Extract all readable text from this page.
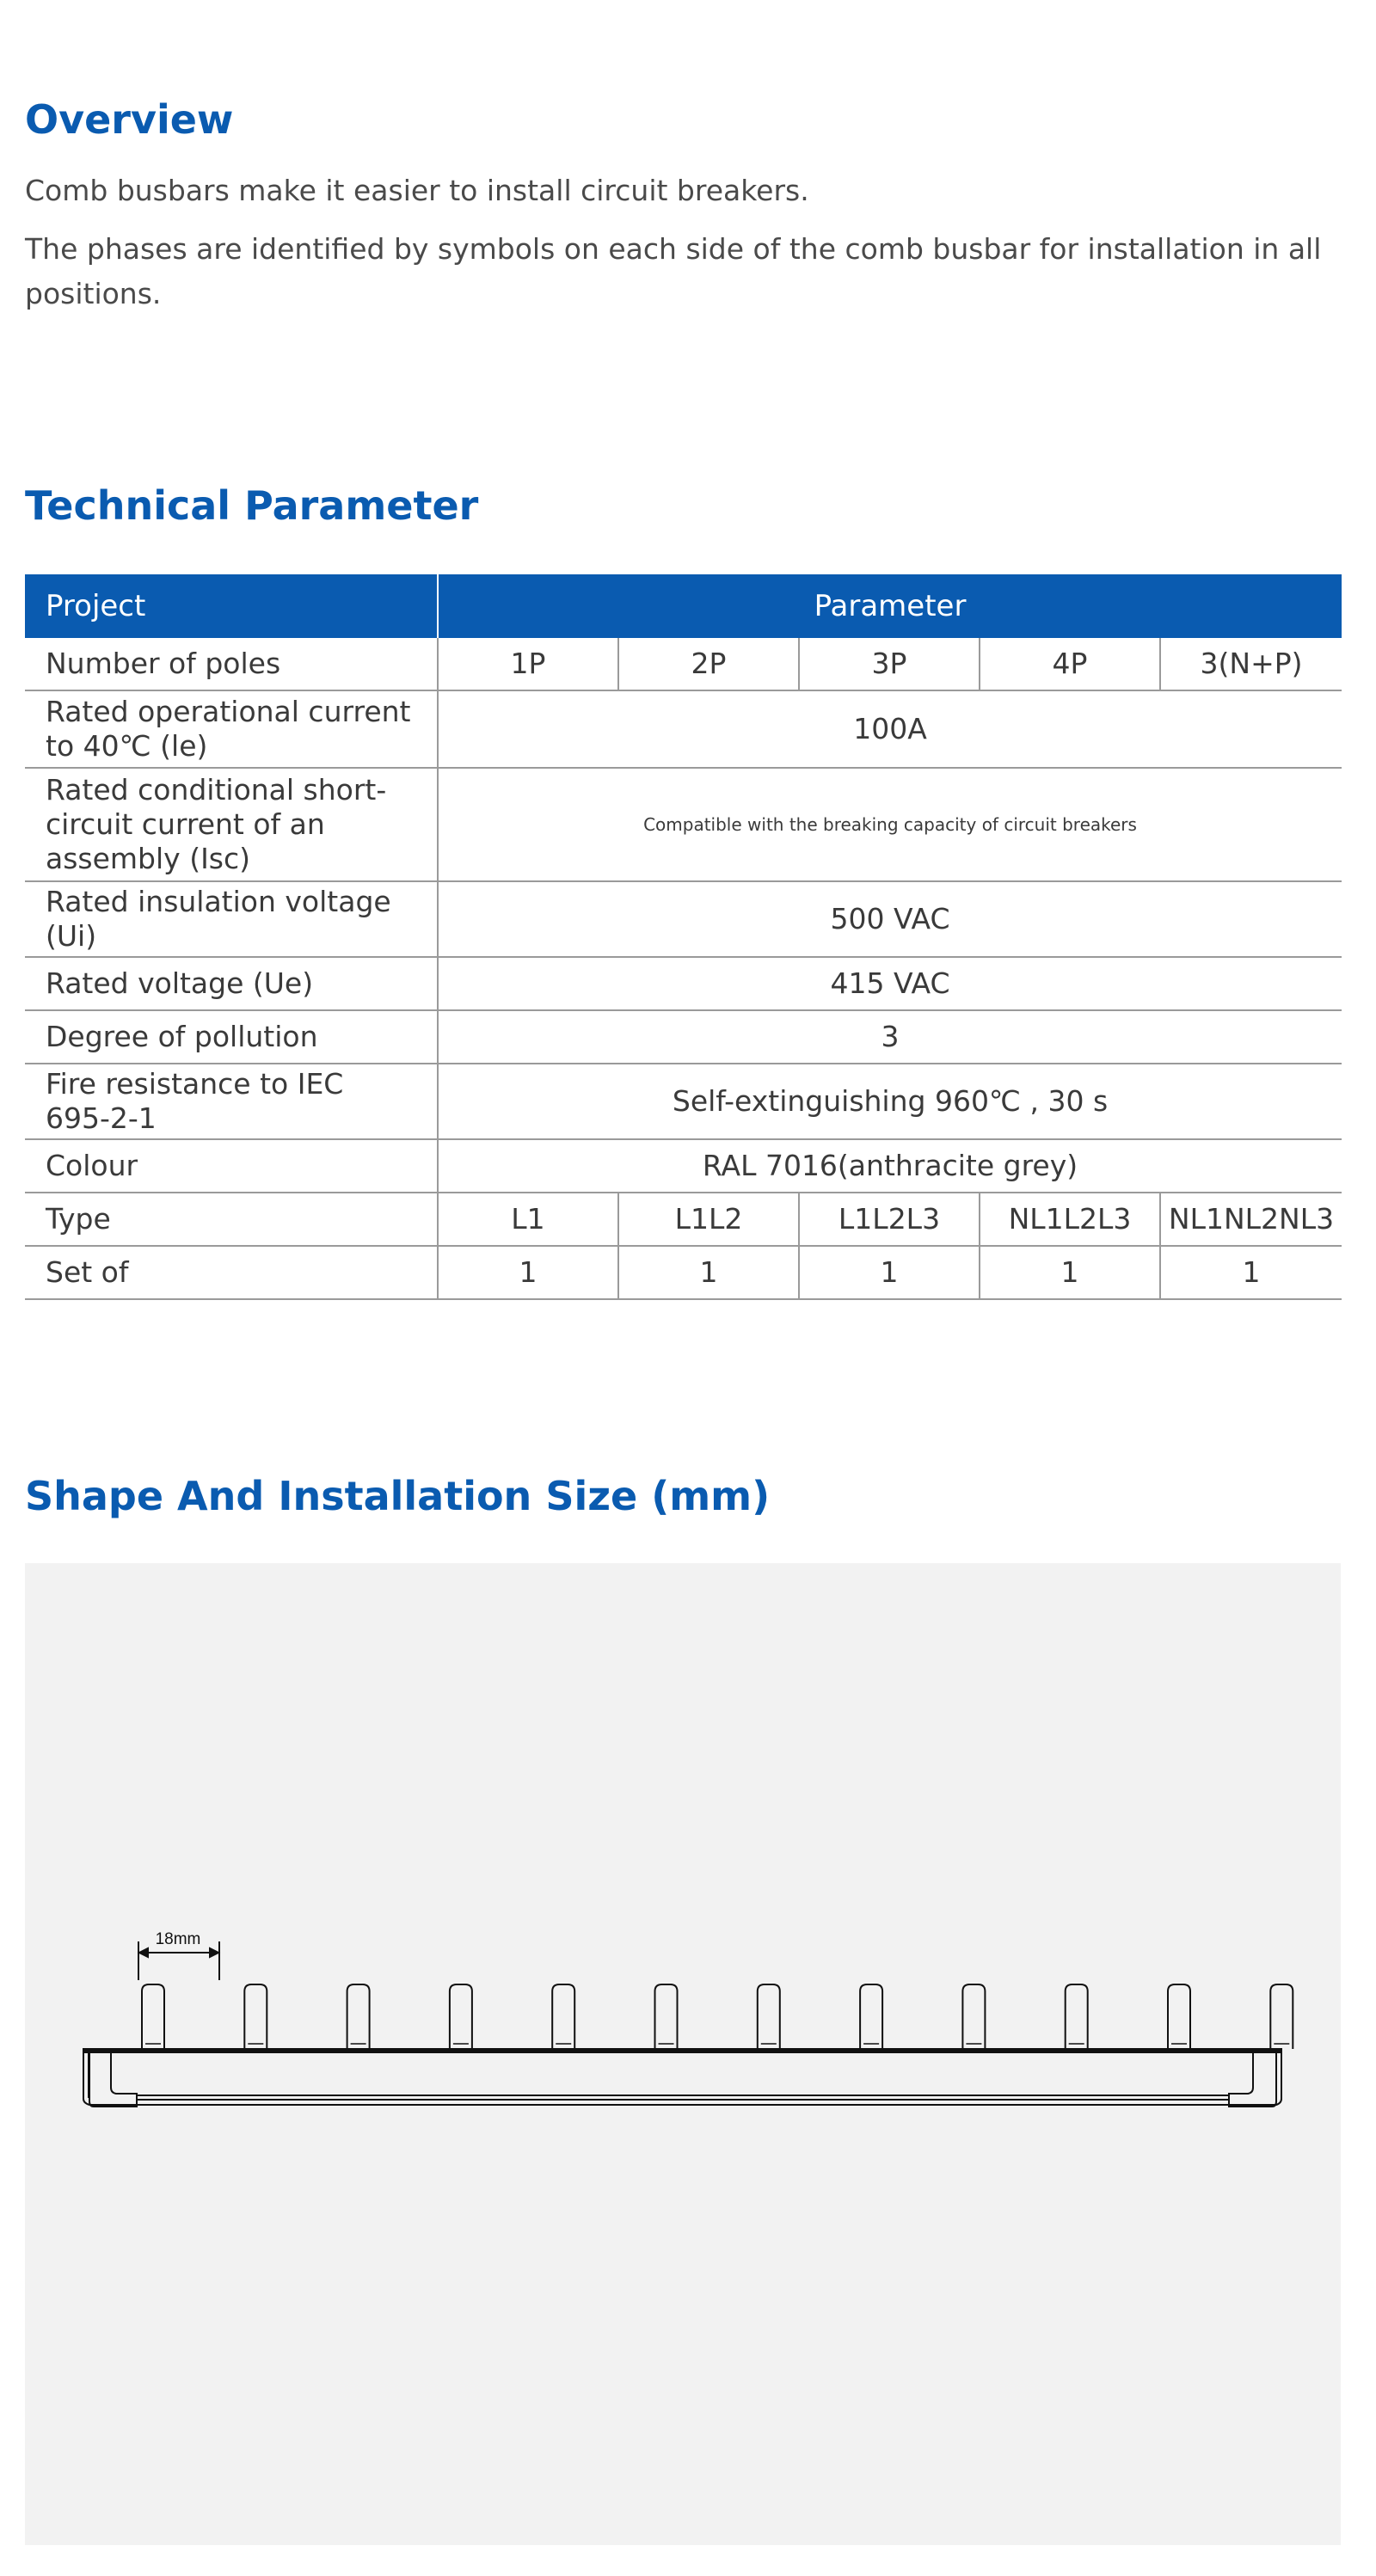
Overview

Comb busbars make it easier to install circuit breakers.

The phases are identified by symbols on each side of the comb busbar for installation in all positions.

Technical Parameter
Project	Parameter				
Number of poles	1P	2P	3P	4P	3(N+P)
Rated operational current to 40℃ (le)	100A				
Rated conditional short-circuit current of an assembly (Isc)	Compatible with the breaking capacity of circuit breakers				
Rated insulation voltage (Ui)	500 VAC				
Rated voltage (Ue)	415 VAC				
Degree of pollution	3				
Fire resistance to IEC 695-2-1	Self-extinguishing 960℃ , 30 s				
Colour	RAL 7016(anthracite grey)				
Type	L1	L1L2	L1L2L3	NL1L2L3	NL1NL2NL3
Set of	1	1	1	1	1
Shape And Installation Size (mm)
18mm
